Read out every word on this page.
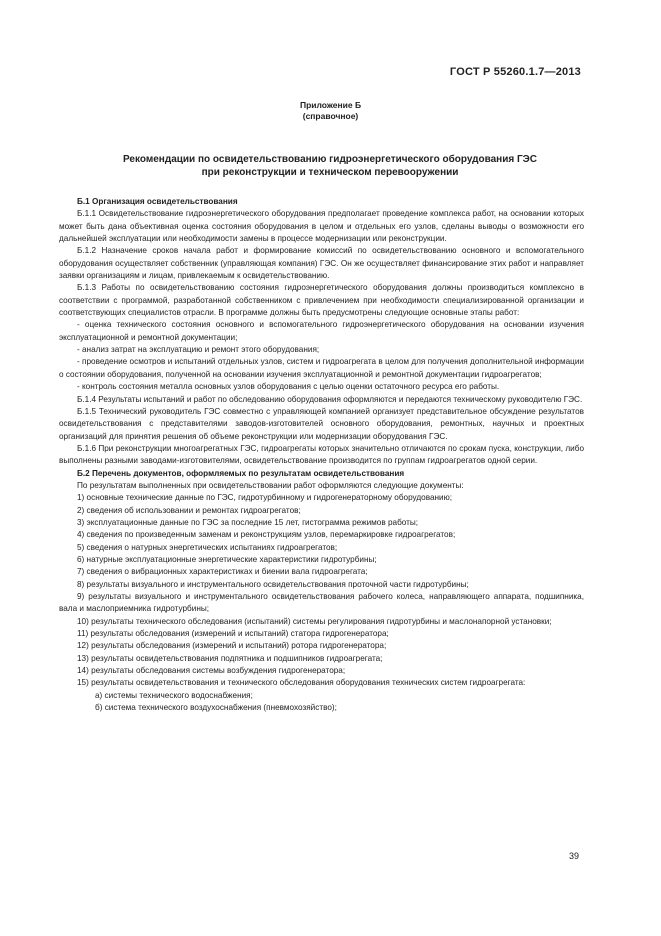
ГОСТ Р 55260.1.7—2013
Приложение Б
(справочное)
Рекомендации по освидетельствованию гидроэнергетического оборудования ГЭС
при реконструкции и техническом перевооружении

Б.1 Организация освидетельствования

Б.1.1 Освидетельствование гидроэнергетического оборудования предполагает проведение комплекса работ, на основании которых может быть дана объективная оценка состояния оборудования в целом и отдельных его узлов, сделаны выводы о возможности его дальнейшей эксплуатации или необходимости замены в процессе модернизации или реконструкции.

Б.1.2 Назначение сроков начала работ и формирование комиссий по освидетельствованию основного и вспомогательного оборудования осуществляет собственник (управляющая компания) ГЭС. Он же осуществляет финансирование этих работ и направляет заявки организациям и лицам, привлекаемым к освидетельствованию.

Б.1.3 Работы по освидетельствованию состояния гидроэнергетического оборудования должны производиться комплексно в соответствии с программой, разработанной собственником с привлечением при необходимости специализированной организации и соответствующих специалистов отрасли. В программе должны быть предусмотрены следующие основные этапы работ:

- оценка технического состояния основного и вспомогательного гидроэнергетического оборудования на основании изучения эксплуатационной и ремонтной документации;

- анализ затрат на эксплуатацию и ремонт этого оборудования;

- проведение осмотров и испытаний отдельных узлов, систем и гидроагрегата в целом для получения дополнительной информации о состоянии оборудования, полученной на основании изучения эксплуатационной и ремонтной документации гидроагрегатов;

- контроль состояния металла основных узлов оборудования с целью оценки остаточного ресурса его работы.

Б.1.4 Результаты испытаний и работ по обследованию оборудования оформляются и передаются техническому руководителю ГЭС.

Б.1.5 Технический руководитель ГЭС совместно с управляющей компанией организует представительное обсуждение результатов освидетельствования с представителями заводов-изготовителей основного оборудования, ремонтных, научных и проектных организаций для принятия решения об объеме реконструкции или модернизации оборудования ГЭС.

Б.1.6 При реконструкции многоагрегатных ГЭС, гидроагрегаты которых значительно отличаются по срокам пуска, конструкции, либо выполнены разными заводами-изготовителями, освидетельствование производится по группам гидроагрегатов одной серии.

Б.2 Перечень документов, оформляемых по результатам освидетельствования

По результатам выполненных при освидетельствовании работ оформляются следующие документы:

1) основные технические данные по ГЭС, гидротурбинному и гидрогенераторному оборудованию;

2) сведения об использовании и ремонтах гидроагрегатов;

3) эксплуатационные данные по ГЭС за последние 15 лет, гистограмма режимов работы;

4) сведения по произведенным заменам и реконструкциям узлов, перемаркировке гидроагрегатов;

5) сведения о натурных энергетических испытаниях гидроагрегатов;

6) натурные эксплуатационные энергетические характеристики гидротурбины;

7) сведения о вибрационных характеристиках и биении вала гидроагрегата;

8) результаты визуального и инструментального освидетельствования проточной части гидротурбины;

9) результаты визуального и инструментального освидетельствования рабочего колеса, направляющего аппарата, подшипника, вала и маслоприемника гидротурбины;

10) результаты технического обследования (испытаний) системы регулирования гидротурбины и маслонапорной установки;

11) результаты обследования (измерений и испытаний) статора гидрогенератора;

12) результаты обследования (измерений и испытаний) ротора гидрогенератора;

13) результаты освидетельствования подпятника и подшипников гидроагрегата;

14) результаты обследования системы возбуждения гидрогенератора;

15) результаты освидетельствования и технического обследования оборудования технических систем гидроагрегата:

а) системы технического водоснабжения;

б) система технического воздухоснабжения (пневмохозяйство);

39
